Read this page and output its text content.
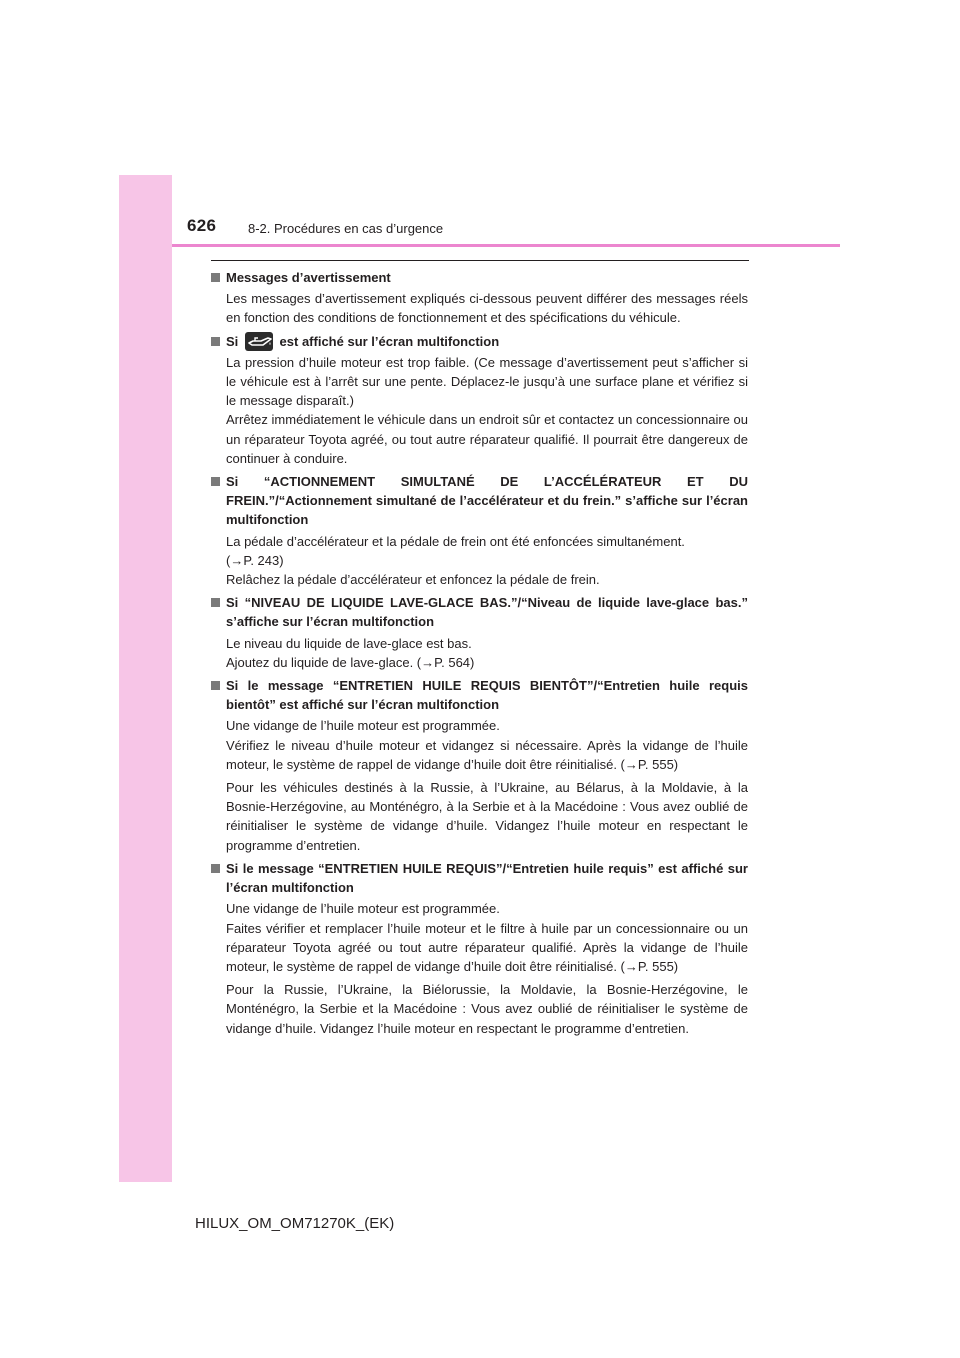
626 8-2. Procédures en cas d’urgence
Messages d’avertissement

Les messages d’avertissement expliqués ci-dessous peuvent différer des messages réels en fonction des conditions de fonctionnement et des spécifications du véhicule.

Si	est affiché sur l’écran multifonction

La pression d’huile moteur est trop faible. (Ce message d’avertissement peut s’afficher si le véhicule est à l’arrêt sur une pente. Déplacez-le jusqu’à une surface plane et vérifiez si le message disparaît.)
Arrêtez immédiatement le véhicule dans un endroit sûr et contactez un concessionnaire ou un réparateur Toyota agréé, ou tout autre réparateur qualifié. Il pourrait être dangereux de continuer à conduire.

Si “ACTIONNEMENT SIMULTANÉ DE L’ACCÉLÉRATEUR ET DU FREIN.”/“Actionnement simultané de l’accélérateur et du frein.” s’affiche sur l’écran multifonction

La pédale d’accélérateur et la pédale de frein ont été enfoncées simultanément.
(→P. 243)
Relâchez la pédale d’accélérateur et enfoncez la pédale de frein.

Si “NIVEAU DE LIQUIDE LAVE-GLACE BAS.”/“Niveau de liquide lave-glace bas.” s’affiche sur l’écran multifonction

Le niveau du liquide de lave-glace est bas.
Ajoutez du liquide de lave-glace. (→P. 564)

Si le message “ENTRETIEN HUILE REQUIS BIENTÔT”/“Entretien huile requis bientôt” est affiché sur l’écran multifonction

Une vidange de l’huile moteur est programmée.
Vérifiez le niveau d’huile moteur et vidangez si nécessaire. Après la vidange de l’huile moteur, le système de rappel de vidange d’huile doit être réinitialisé. (→P. 555)

Pour les véhicules destinés à la Russie, à l’Ukraine, au Bélarus, à la Moldavie, à la Bosnie-Herzégovine, au Monténégro, à la Serbie et à la Macédoine : Vous avez oublié de réinitialiser le système de vidange d’huile. Vidangez l’huile moteur en respectant le programme d’entretien.

Si le message “ENTRETIEN HUILE REQUIS”/“Entretien huile requis” est affiché sur l’écran multifonction

Une vidange de l’huile moteur est programmée.
Faites vérifier et remplacer l’huile moteur et le filtre à huile par un concessionnaire ou un réparateur Toyota agréé ou tout autre réparateur qualifié. Après la vidange de l’huile moteur, le système de rappel de vidange d’huile doit être réinitialisé. (→P. 555)

Pour la Russie, l’Ukraine, la Biélorussie, la Moldavie, la Bosnie-Herzégovine, le Monténégro, la Serbie et la Macédoine : Vous avez oublié de réinitialiser le système de vidange d’huile. Vidangez l’huile moteur en respectant le programme d’entretien.

HILUX_OM_OM71270K_(EK)
